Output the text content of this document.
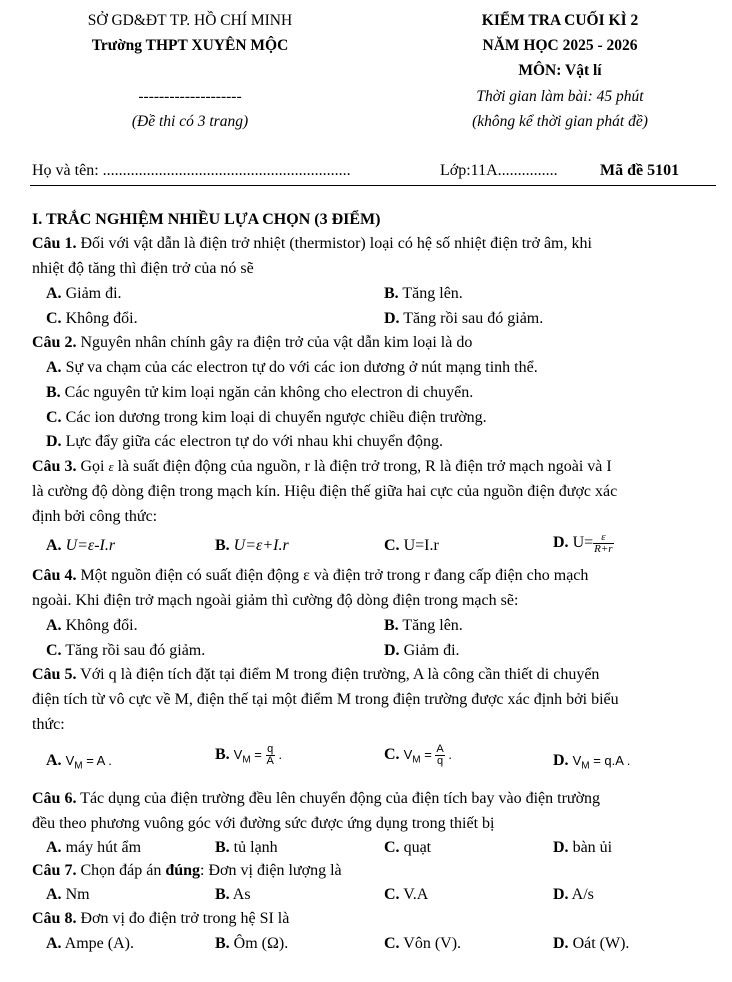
SỞ GD&ĐT TP. HỒ CHÍ MINH
Trường THPT XUYÊN MỘC
--------------------
(Đề thi có 3 trang)
KIỂM TRA CUỐI KÌ 2
NĂM HỌC 2025 - 2026
MÔN: Vật lí
Thời gian làm bài: 45 phút
(không kể thời gian phát đề)
Họ và tên: ..............................................................	Lớp:11A...............	Mã đề 5101
I. TRẮC NGHIỆM NHIỀU LỰA CHỌN (3 ĐIỂM)
Câu 1. Đối với vật dẫn là điện trở nhiệt (thermistor) loại có hệ số nhiệt điện trở âm, khi
nhiệt độ tăng thì điện trở của nó sẽ
A. Giảm đi.	B. Tăng lên.
C. Không đổi.	D. Tăng rồi sau đó giảm.
Câu 2. Nguyên nhân chính gây ra điện trở của vật dẫn kim loại là do
A. Sự va chạm của các electron tự do với các ion dương ở nút mạng tinh thể.
B. Các nguyên tử kim loại ngăn cản không cho electron di chuyển.
C. Các ion dương trong kim loại di chuyển ngược chiều điện trường.
D. Lực đẩy giữa các electron tự do với nhau khi chuyển động.
Câu 3. Gọi ε là suất điện động của nguồn, r là điện trở trong, R là điện trở mạch ngoài và I
là cường độ dòng điện trong mạch kín. Hiệu điện thế giữa hai cực của nguồn điện được xác
định bởi công thức:
A. U=ε-I.r	B. U=ε+I.r	C. U=I.r	D. $U= \frac{\varepsilon}{R+r}$
Câu 4. Một nguồn điện có suất điện động ε và điện trở trong r đang cấp điện cho mạch
ngoài. Khi điện trở mạch ngoài giảm thì cường độ dòng điện trong mạch sẽ:
A. Không đổi.	B. Tăng lên.
C. Tăng rồi sau đó giảm.	D. Giảm đi.
Câu 5. Với q là điện tích đặt tại điểm M trong điện trường, A là công cần thiết di chuyển
điện tích từ vô cực về M, điện thế tại một điểm M trong điện trường được xác định bởi biểu
thức:
A. $V_M = A$ .	B. $V_M = \frac{q}{A}$ .	C. $V_M = \frac{A}{q}$ .	D. $V_M = q.A$ .
Câu 6. Tác dụng của điện trường đều lên chuyển động của điện tích bay vào điện trường
đều theo phương vuông góc với đường sức được ứng dụng trong thiết bị
A. máy hút ẩm	B. tủ lạnh	C. quạt	D. bàn ủi
Câu 7. Chọn đáp án đúng: Đơn vị điện lượng là
A. Nm	B. As	C. V.A	D. A/s
Câu 8. Đơn vị đo điện trở trong hệ SI là
A. Ampe (A).	B. Ôm (Ω).	C. Vôn (V).	D. Oát (W).
